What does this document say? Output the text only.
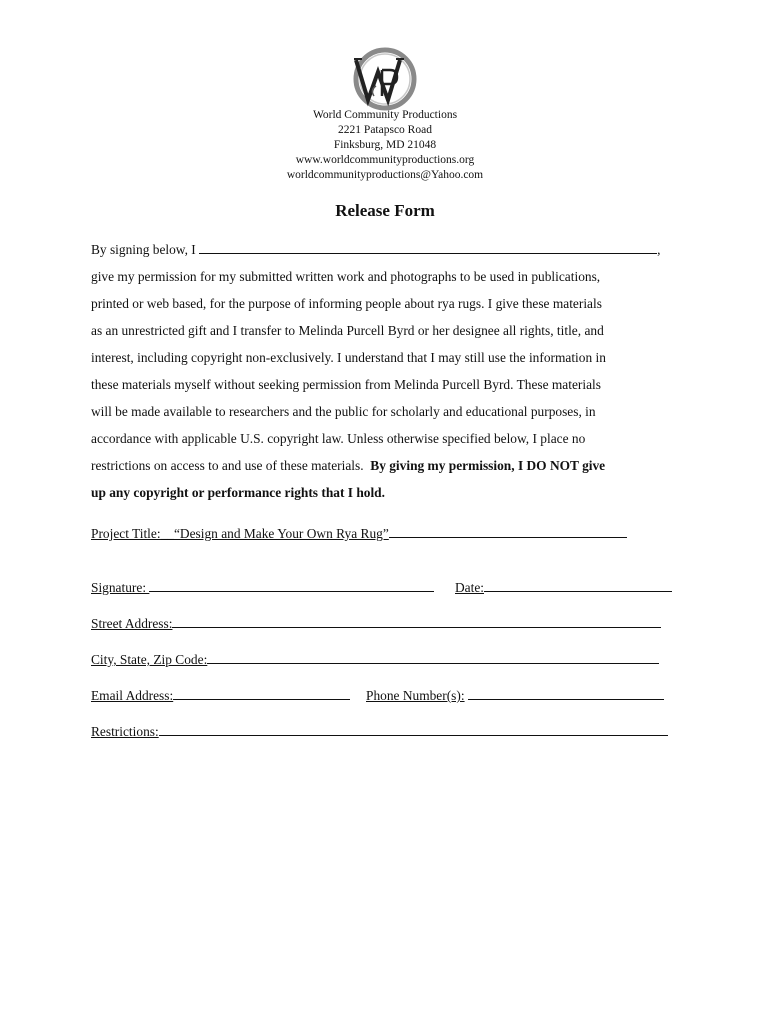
World Community Productions
2221 Patapsco Road
Finksburg, MD 21048
www.worldcommunityproductions.org
worldcommunityproductions@Yahoo.com
Release Form
By signing below, I	,
give my permission for my submitted written work and photographs to be used in publications,
printed or web based, for the purpose of informing people about rya rugs. I give these materials
as an unrestricted gift and I transfer to Melinda Purcell Byrd or her designee all rights, title, and
interest, including copyright non-exclusively. I understand that I may still use the information in
these materials myself without seeking permission from Melinda Purcell Byrd. These materials
will be made available to researchers and the public for scholarly and educational purposes, in
accordance with applicable U.S. copyright law. Unless otherwise specified below, I place no
restrictions on access to and use of these materials.  By giving my permission, I DO NOT give
up any copyright or performance rights that I hold.
Project Title:__“Design and Make Your Own Rya Rug”
Signature:	Date:
Street Address:
City, State, Zip Code:
Email Address:	Phone Number(s):
Restrictions:
